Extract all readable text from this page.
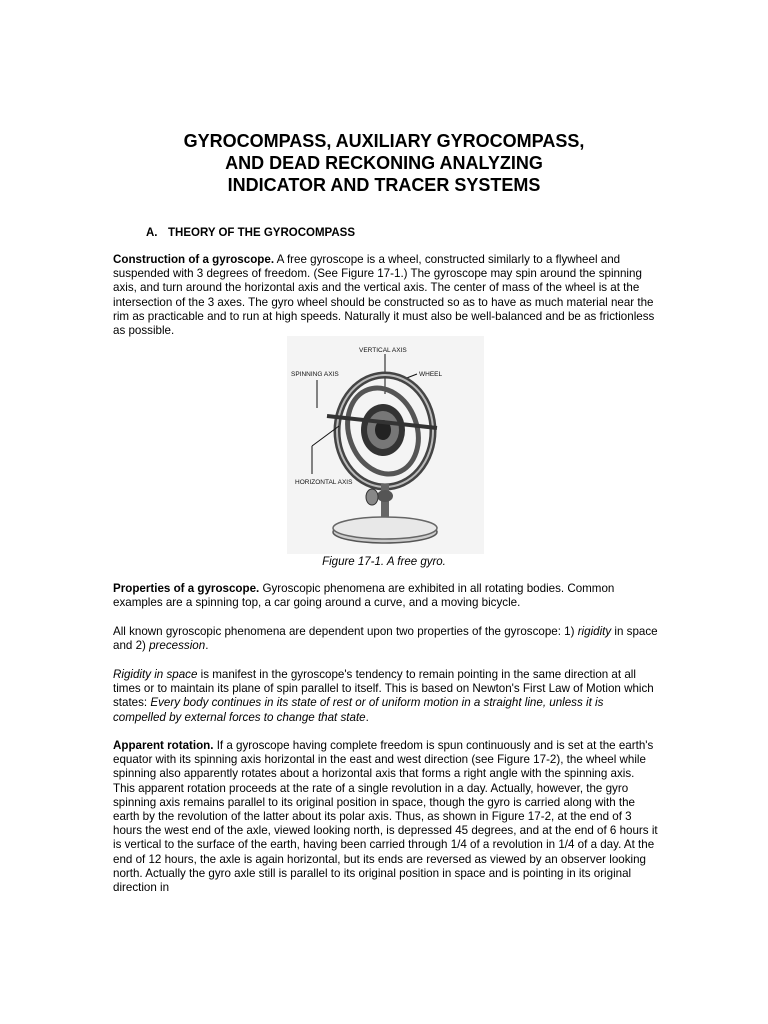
GYROCOMPASS, AUXILIARY GYROCOMPASS,
AND DEAD RECKONING ANALYZING
INDICATOR AND TRACER SYSTEMS
A. THEORY OF THE GYROCOMPASS

Construction of a gyroscope. A free gyroscope is a wheel, constructed similarly to a flywheel and suspended with 3 degrees of freedom. (See Figure 17-1.) The gyroscope may spin around the spinning axis, and turn around the horizontal axis and the vertical axis. The center of mass of the wheel is at the intersection of the 3 axes. The gyro wheel should be constructed so as to have as much material near the rim as practicable and to run at high speeds. Naturally it must also be well-balanced and be as frictionless as possible.

VERTICAL AXIS
SPINNING AXIS	WHEEL
HORIZONTAL AXIS
Figure 17-1. A free gyro.

Properties of a gyroscope. Gyroscopic phenomena are exhibited in all rotating bodies. Common examples are a spinning top, a car going around a curve, and a moving bicycle.

All known gyroscopic phenomena are dependent upon two properties of the gyroscope: 1) rigidity in space and 2) precession.

Rigidity in space is manifest in the gyroscope's tendency to remain pointing in the same direction at all times or to maintain its plane of spin parallel to itself. This is based on Newton's First Law of Motion which states: Every body continues in its state of rest or of uniform motion in a straight line, unless it is compelled by external forces to change that state.

Apparent rotation. If a gyroscope having complete freedom is spun continuously and is set at the earth's equator with its spinning axis horizontal in the east and west direction (see Figure 17-2), the wheel while spinning also apparently rotates about a horizontal axis that forms a right angle with the spinning axis. This apparent rotation proceeds at the rate of a single revolution in a day. Actually, however, the gyro spinning axis remains parallel to its original position in space, though the gyro is carried along with the earth by the revolution of the latter about its polar axis. Thus, as shown in Figure 17-2, at the end of 3 hours the west end of the axle, viewed looking north, is depressed 45 degrees, and at the end of 6 hours it is vertical to the surface of the earth, having been carried through 1/4 of a revolution in 1/4 of a day. At the end of 12 hours, the axle is again horizontal, but its ends are reversed as viewed by an observer looking north. Actually the gyro axle still is parallel to its original position in space and is pointing in its original direction in
